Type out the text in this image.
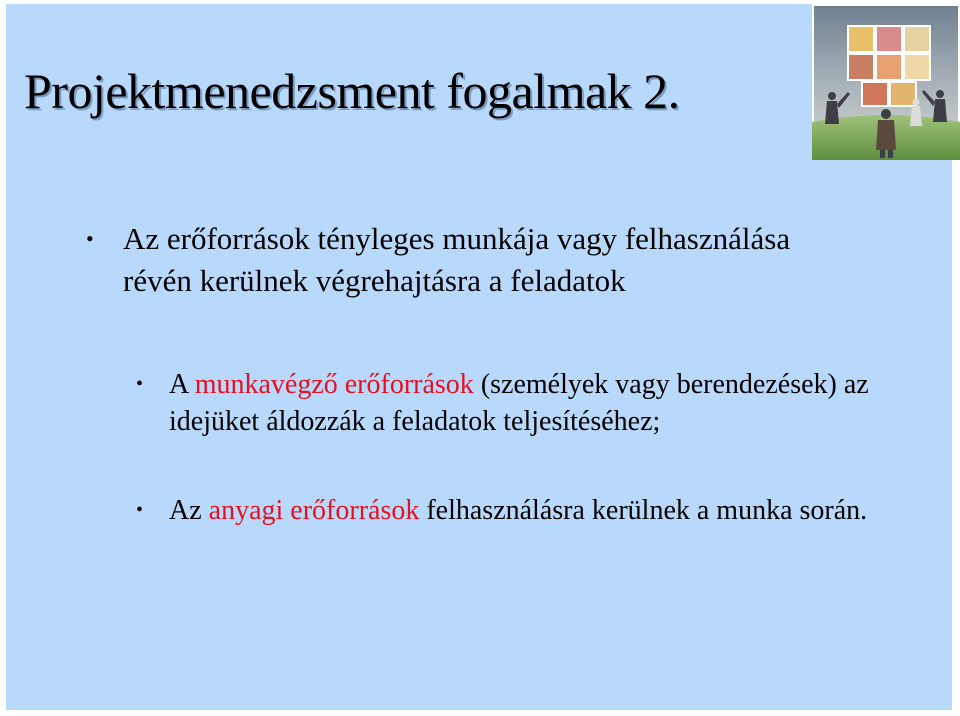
Projektmenedzsment fogalmak 2.
• Az erőforrások tényleges munkája vagy felhasználása révén kerülnek végrehajtásra a feladatok
• A munkavégző erőforrások (személyek vagy berendezések) az idejüket áldozzák a feladatok teljesítéséhez;
• Az anyagi erőforrások felhasználásra kerülnek a munka során.
